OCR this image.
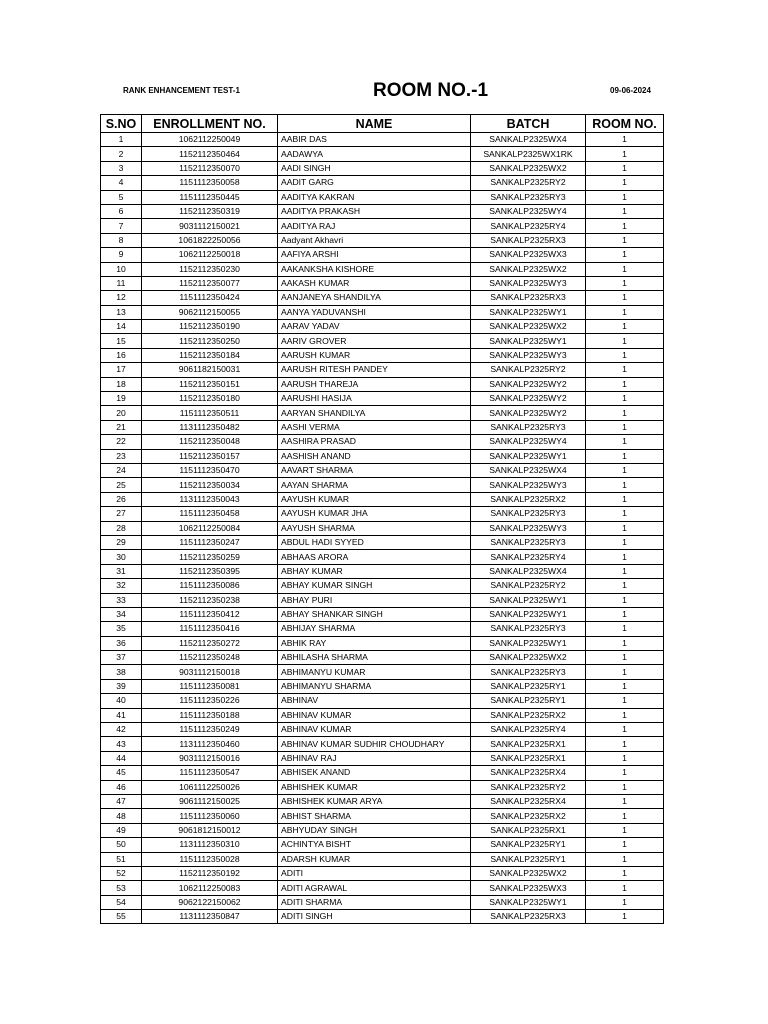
RANK ENHANCEMENT TEST-1	ROOM NO.-1	09-06-2024
S.NO	ENROLLMENT NO.	NAME	BATCH	ROOM NO.
1	1062112250049	AABIR DAS	SANKALP2325WX4	1
2	1152112350464	AADAWYA	SANKALP2325WX1RK	1
3	1152112350070	AADI SINGH	SANKALP2325WX2	1
4	1151112350058	AADIT GARG	SANKALP2325RY2	1
5	1151112350445	AADITYA KAKRAN	SANKALP2325RY3	1
6	1152112350319	AADITYA PRAKASH	SANKALP2325WY4	1
7	9031112150021	AADITYA RAJ	SANKALP2325RY4	1
8	1061822250056	Aadyant Akhavri	SANKALP2325RX3	1
9	1062112250018	AAFIYA ARSHI	SANKALP2325WX3	1
10	1152112350230	AAKANKSHA KISHORE	SANKALP2325WX2	1
11	1152112350077	AAKASH KUMAR	SANKALP2325WY3	1
12	1151112350424	AANJANEYA SHANDILYA	SANKALP2325RX3	1
13	9062112150055	AANYA YADUVANSHI	SANKALP2325WY1	1
14	1152112350190	AARAV YADAV	SANKALP2325WX2	1
15	1152112350250	AARIV GROVER	SANKALP2325WY1	1
16	1152112350184	AARUSH KUMAR	SANKALP2325WY3	1
17	9061182150031	AARUSH RITESH PANDEY	SANKALP2325RY2	1
18	1152112350151	AARUSH THAREJA	SANKALP2325WY2	1
19	1152112350180	AARUSHI HASIJA	SANKALP2325WY2	1
20	1151112350511	AARYAN SHANDILYA	SANKALP2325WY2	1
21	1131112350482	AASHI VERMA	SANKALP2325RY3	1
22	1152112350048	AASHIRA PRASAD	SANKALP2325WY4	1
23	1152112350157	AASHISH ANAND	SANKALP2325WY1	1
24	1151112350470	AAVART SHARMA	SANKALP2325WX4	1
25	1152112350034	AAYAN SHARMA	SANKALP2325WY3	1
26	1131112350043	AAYUSH KUMAR	SANKALP2325RX2	1
27	1151112350458	AAYUSH KUMAR JHA	SANKALP2325RY3	1
28	1062112250084	AAYUSH SHARMA	SANKALP2325WY3	1
29	1151112350247	ABDUL HADI SYYED	SANKALP2325RY3	1
30	1152112350259	ABHAAS ARORA	SANKALP2325RY4	1
31	1152112350395	ABHAY KUMAR	SANKALP2325WX4	1
32	1151112350086	ABHAY KUMAR SINGH	SANKALP2325RY2	1
33	1152112350238	ABHAY PURI	SANKALP2325WY1	1
34	1151112350412	ABHAY SHANKAR SINGH	SANKALP2325WY1	1
35	1151112350416	ABHIJAY SHARMA	SANKALP2325RY3	1
36	1152112350272	ABHIK RAY	SANKALP2325WY1	1
37	1152112350248	ABHILASHA SHARMA	SANKALP2325WX2	1
38	9031112150018	ABHIMANYU KUMAR	SANKALP2325RY3	1
39	1151112350081	ABHIMANYU SHARMA	SANKALP2325RY1	1
40	1151112350226	ABHINAV	SANKALP2325RY1	1
41	1151112350188	ABHINAV KUMAR	SANKALP2325RX2	1
42	1151112350249	ABHINAV KUMAR	SANKALP2325RY4	1
43	1131112350460	ABHINAV KUMAR SUDHIR CHOUDHARY	SANKALP2325RX1	1
44	9031112150016	ABHINAV RAJ	SANKALP2325RX1	1
45	1151112350547	ABHISEK ANAND	SANKALP2325RX4	1
46	1061112250026	ABHISHEK KUMAR	SANKALP2325RY2	1
47	9061112150025	ABHISHEK KUMAR ARYA	SANKALP2325RX4	1
48	1151112350060	ABHIST SHARMA	SANKALP2325RX2	1
49	9061812150012	ABHYUDAY SINGH	SANKALP2325RX1	1
50	1131112350310	ACHINTYA BISHT	SANKALP2325RY1	1
51	1151112350028	ADARSH KUMAR	SANKALP2325RY1	1
52	1152112350192	ADITI	SANKALP2325WX2	1
53	1062112250083	ADITI AGRAWAL	SANKALP2325WX3	1
54	9062122150062	ADITI SHARMA	SANKALP2325WY1	1
55	1131112350847	ADITI SINGH	SANKALP2325RX3	1
